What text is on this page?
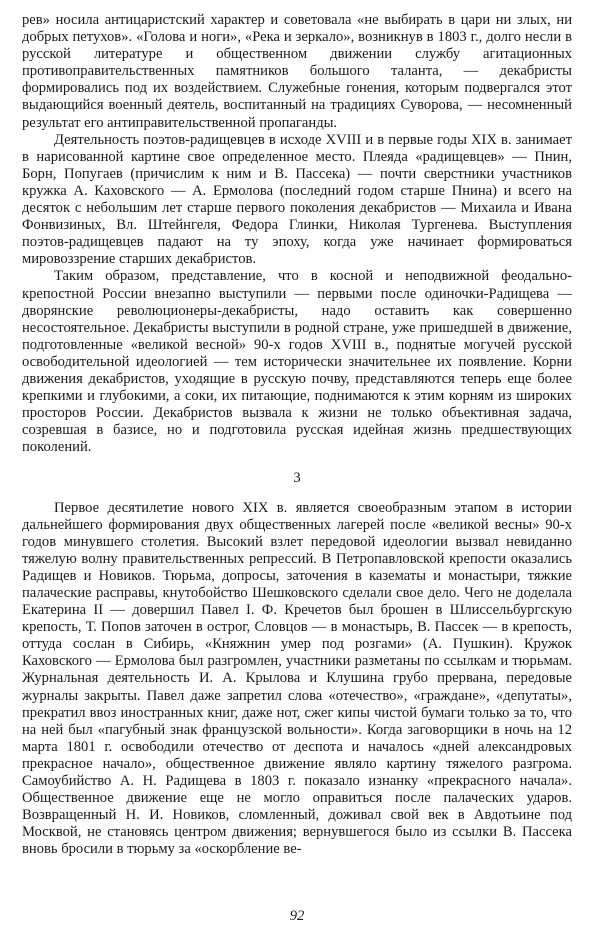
рев» носила антицаристский характер и советовала «не выбирать в цари ни злых, ни добрых петухов». «Голова и ноги», «Река и зеркало», возникнув в 1803 г., долго несли в русской литературе и общественном движении службу агитационных противоправительственных памятников большого таланта, — декабристы формировались под их воздействием. Служебные гонения, которым подвергался этот выдающийся военный деятель, воспитанный на традициях Суворова, — несомненный результат его антиправительственной пропаганды.

Деятельность поэтов-радищевцев в исходе XVIII и в первые годы XIX в. занимает в нарисованной картине свое определенное место. Плеяда «радищевцев» — Пнин, Борн, Попугаев (причислим к ним и В. Пассека) — почти сверстники участников кружка А. Каховского — А. Ермолова (последний годом старше Пнина) и всего на десяток с небольшим лет старше первого поколения декабристов — Михаила и Ивана Фонвизиных, Вл. Штейнгеля, Федора Глинки, Николая Тургенева. Выступления поэтов-радищевцев падают на ту эпоху, когда уже начинает формироваться мировоззрение старших декабристов.

Таким образом, представление, что в косной и неподвижной феодально-крепостной России внезапно выступили — первыми после одиночки-Радищева — дворянские революционеры-декабристы, надо оставить как совершенно несостоятельное. Декабристы выступили в родной стране, уже пришедшей в движение, подготовленные «великой весной» 90-х годов XVIII в., поднятые могучей русской освободительной идеологией — тем исторически значительнее их появление. Корни движения декабристов, уходящие в русскую почву, представляются теперь еще более крепкими и глубокими, а соки, их питающие, поднимаются к этим корням из широких просторов России. Декабристов вызвала к жизни не только объективная задача, созревшая в базисе, но и подготовила русская идейная жизнь предшествующих поколений.

3

Первое десятилетие нового XIX в. является своеобразным этапом в истории дальнейшего формирования двух общественных лагерей после «великой весны» 90-х годов минувшего столетия. Высокий взлет передовой идеологии вызвал невиданно тяжелую волну правительственных репрессий. В Петропавловской крепости оказались Радищев и Новиков. Тюрьма, допросы, заточения в казематы и монастыри, тяжкие палаческие расправы, кнутобойство Шешковского сделали свое дело. Чего не доделала Екатерина II — довершил Павел I. Ф. Кречетов был брошен в Шлиссельбургскую крепость, Т. Попов заточен в острог, Словцов — в монастырь, В. Пассек — в крепость, оттуда сослан в Сибирь, «Княжнин умер под розгами» (А. Пушкин). Кружок Каховского — Ермолова был разгромлен, участники разметаны по ссылкам и тюрьмам. Журнальная деятельность И. А. Крылова и Клушина грубо прервана, передовые журналы закрыты. Павел даже запретил слова «отечество», «граждане», «депутаты», прекратил ввоз иностранных книг, даже нот, сжег кипы чистой бумаги только за то, что на ней был «пагубный знак французской вольности». Когда заговорщики в ночь на 12 марта 1801 г. освободили отечество от деспота и началось «дней александровых прекрасное начало», общественное движение являло картину тяжелого разгрома. Самоубийство А. Н. Радищева в 1803 г. показало изнанку «прекрасного начала». Общественное движение еще не могло оправиться после палаческих ударов. Возвращенный Н. И. Новиков, сломленный, доживал свой век в Авдотьине под Москвой, не становясь центром движения; вернувшегося было из ссылки В. Пассека вновь бросили в тюрьму за «оскорбление ве-

92
